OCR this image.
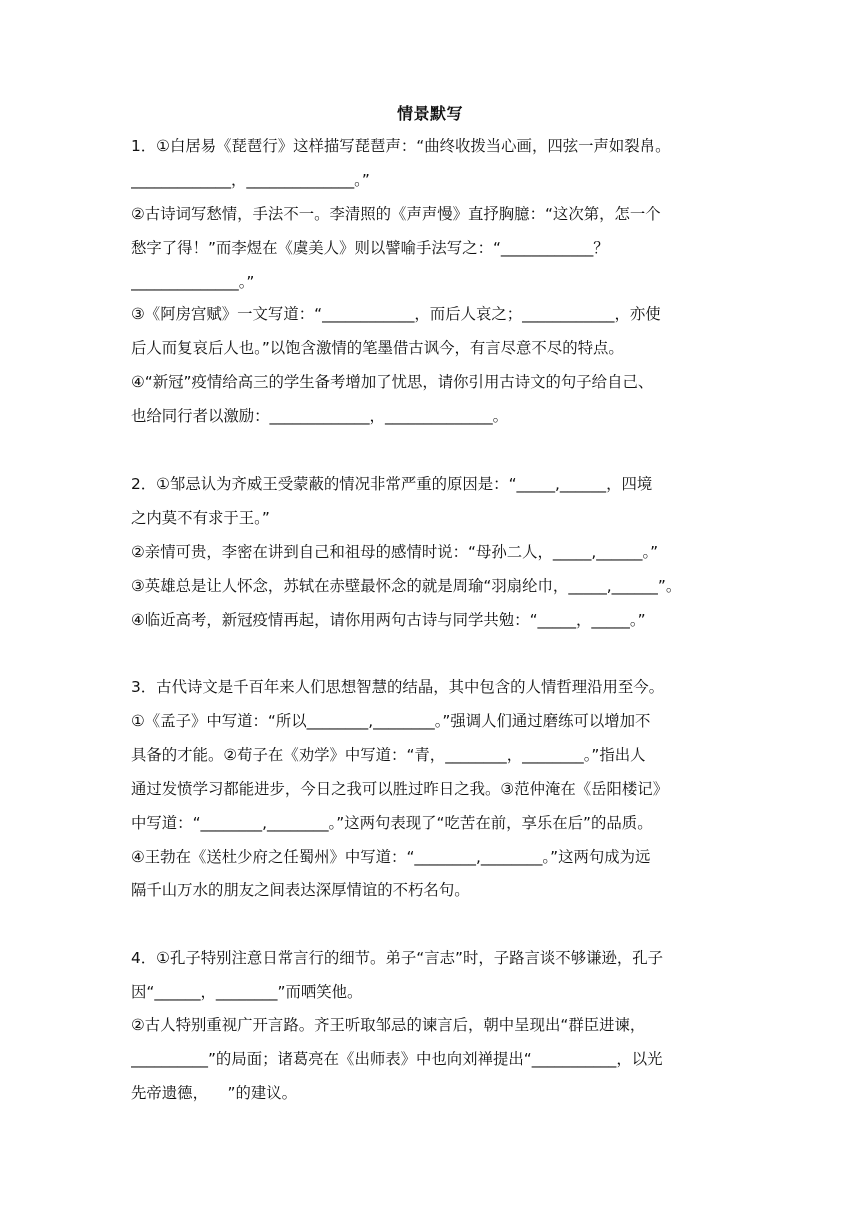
情景默写
1．①白居易《琵琶行》这样描写琵琶声：“曲终收拨当心画，四弦一声如裂帛。
_____________，______________。”
②古诗词写愁情，手法不一。李清照的《声声慢》直抒胸臆：“这次第，怎一个
愁字了得！”而李煜在《虞美人》则以譬喻手法写之：“____________？
______________。”
③《阿房宫赋》一文写道：“____________，而后人哀之；____________，亦使
后人而复哀后人也。”以饱含激情的笔墨借古讽今，有言尽意不尽的特点。
④“新冠”疫情给高三的学生备考增加了忧思，请你引用古诗文的句子给自己、
也给同行者以激励：_____________，______________。
2．①邹忌认为齐威王受蒙蔽的情况非常严重的原因是：“_____,______，四境
之内莫不有求于王。”
②亲情可贵，李密在讲到自己和祖母的感情时说：“母孙二人，_____,______。”
③英雄总是让人怀念，苏轼在赤壁最怀念的就是周瑜“羽扇纶巾，_____,______”。
④临近高考，新冠疫情再起，请你用两句古诗与同学共勉：“_____，_____。”
3．古代诗文是千百年来人们思想智慧的结晶，其中包含的人情哲理沿用至今。
①《孟子》中写道：“所以________,________。”强调人们通过磨练可以增加不
具备的才能。②荀子在《劝学》中写道：“青，________，________。”指出人
通过发愤学习都能进步，今日之我可以胜过昨日之我。③范仲淹在《岳阳楼记》
中写道：“________,________。”这两句表现了“吃苦在前，享乐在后”的品质。
④王勃在《送杜少府之任蜀州》中写道：“________,________。”这两句成为远
隔千山万水的朋友之间表达深厚情谊的不朽名句。
4．①孔子特别注意日常言行的细节。弟子“言志”时，子路言谈不够谦逊，孔子
因“______，________”而哂笑他。
②古人特别重视广开言路。齐王听取邹忌的谏言后，朝中呈现出“群臣进谏，
__________”的局面；诸葛亮在《出师表》中也向刘禅提出“___________，以光
先帝遗德，    ”的建议。
